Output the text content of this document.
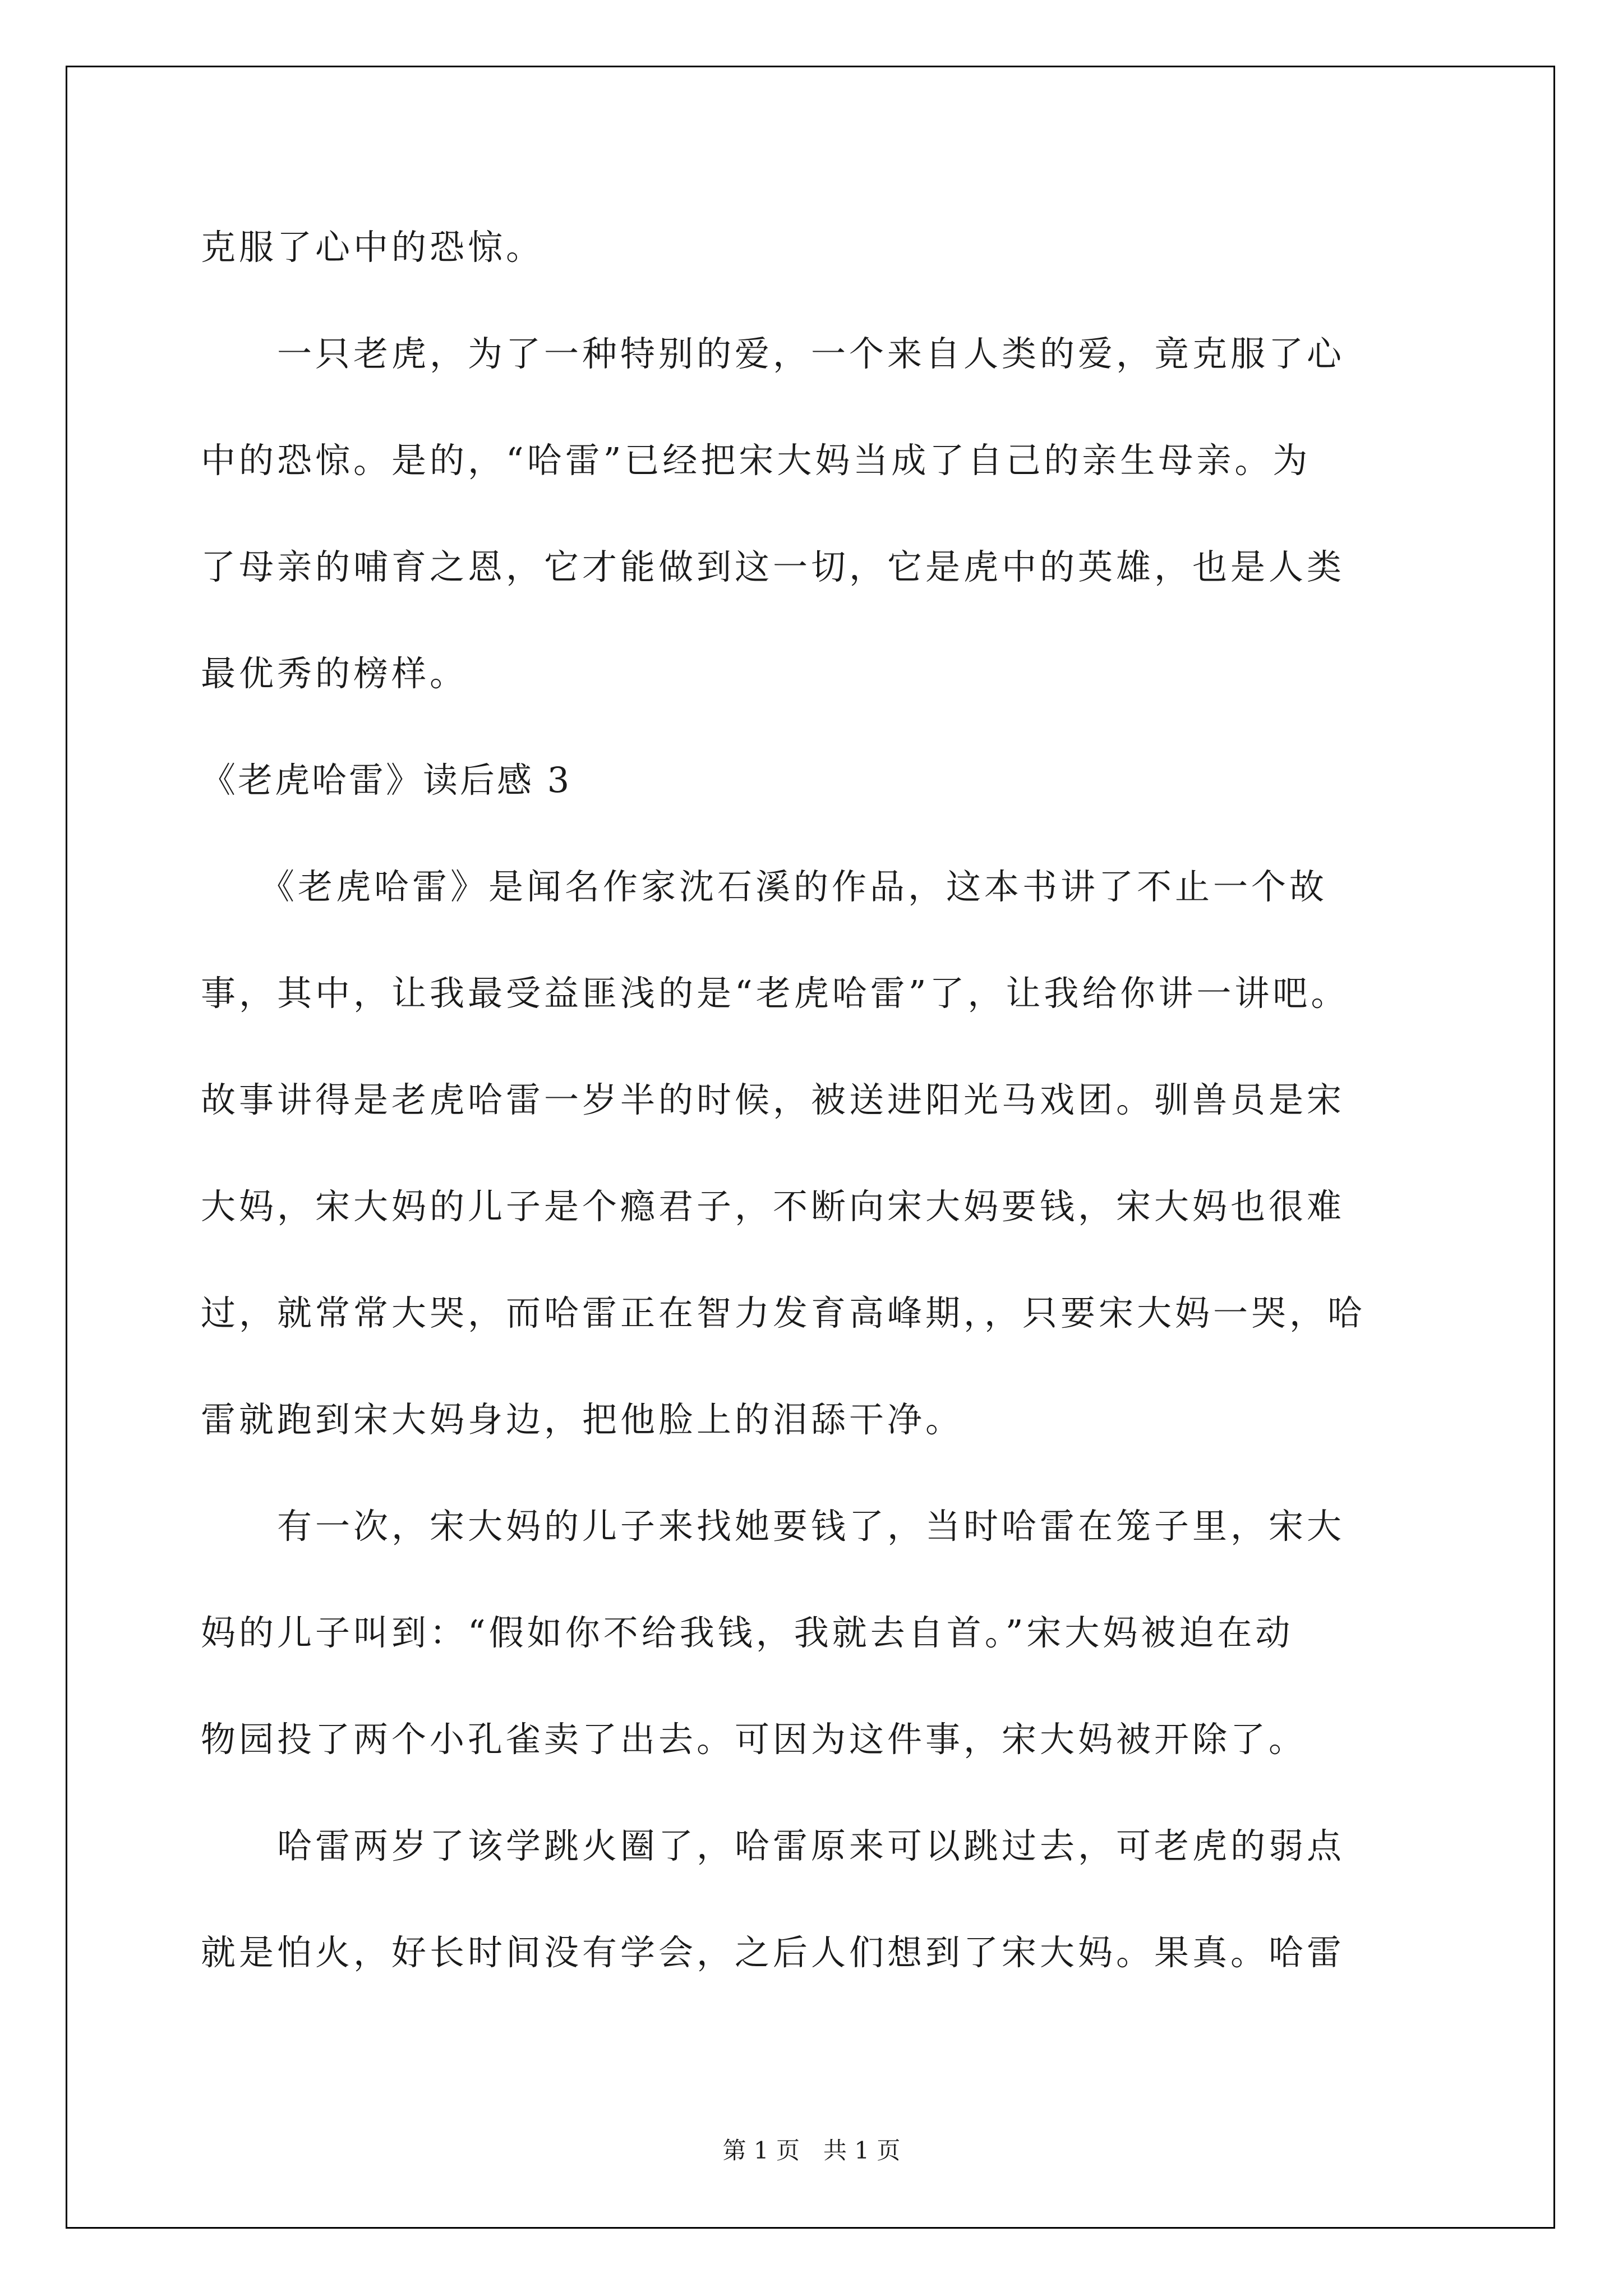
克服了心中的恐惊。
　　一只老虎，为了一种特别的爱，一个来自人类的爱，竟克服了心
中的恐惊。是的，“哈雷”已经把宋大妈当成了自己的亲生母亲。为
了母亲的哺育之恩，它才能做到这一切，它是虎中的英雄，也是人类
最优秀的榜样。
《老虎哈雷》读后感 3
　　《老虎哈雷》是闻名作家沈石溪的作品，这本书讲了不止一个故
事，其中，让我最受益匪浅的是“老虎哈雷”了，让我给你讲一讲吧。
故事讲得是老虎哈雷一岁半的时候，被送进阳光马戏团。驯兽员是宋
大妈，宋大妈的儿子是个瘾君子，不断向宋大妈要钱，宋大妈也很难
过，就常常大哭，而哈雷正在智力发育高峰期，，只要宋大妈一哭，哈
雷就跑到宋大妈身边，把他脸上的泪舔干净。
　　有一次，宋大妈的儿子来找她要钱了，当时哈雷在笼子里，宋大
妈的儿子叫到：“假如你不给我钱，我就去自首。”宋大妈被迫在动
物园投了两个小孔雀卖了出去。可因为这件事，宋大妈被开除了。
　　哈雷两岁了该学跳火圈了，哈雷原来可以跳过去，可老虎的弱点
就是怕火，好长时间没有学会，之后人们想到了宋大妈。果真。哈雷
第 1 页　共 1 页
